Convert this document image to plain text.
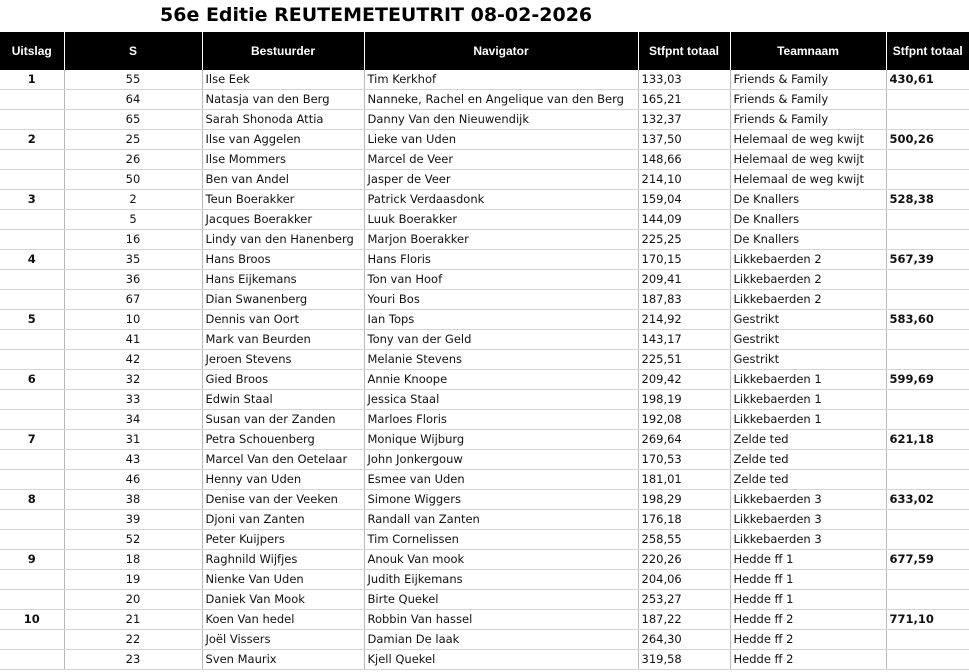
56e Editie REUTEMETEUTRIT 08-02-2026
Uitslag	S	Bestuurder	Navigator	Stfpnt totaal	Teamnaam	Stfpnt totaal
1	55	Ilse Eek	Tim Kerkhof	133,03	Friends & Family	430,61
	64	Natasja van den Berg	Nanneke, Rachel en Angelique van den Berg	165,21	Friends & Family	
	65	Sarah Shonoda Attia	Danny Van den Nieuwendijk	132,37	Friends & Family	
2	25	Ilse van Aggelen	Lieke van Uden	137,50	Helemaal de weg kwijt	500,26
	26	Ilse Mommers	Marcel de Veer	148,66	Helemaal de weg kwijt	
	50	Ben van Andel	Jasper de Veer	214,10	Helemaal de weg kwijt	
3	2	Teun Boerakker	Patrick Verdaasdonk	159,04	De Knallers	528,38
	5	Jacques Boerakker	Luuk Boerakker	144,09	De Knallers	
	16	Lindy van den Hanenberg	Marjon Boerakker	225,25	De Knallers	
4	35	Hans Broos	Hans Floris	170,15	Likkebaerden 2	567,39
	36	Hans Eijkemans	Ton van Hoof	209,41	Likkebaerden 2	
	67	Dian Swanenberg	Youri Bos	187,83	Likkebaerden 2	
5	10	Dennis van Oort	Ian Tops	214,92	Gestrikt	583,60
	41	Mark van Beurden	Tony van der Geld	143,17	Gestrikt	
	42	Jeroen Stevens	Melanie Stevens	225,51	Gestrikt	
6	32	Gied Broos	Annie Knoope	209,42	Likkebaerden 1	599,69
	33	Edwin Staal	Jessica Staal	198,19	Likkebaerden 1	
	34	Susan van der Zanden	Marloes Floris	192,08	Likkebaerden 1	
7	31	Petra Schouenberg	Monique Wijburg	269,64	Zelde ted	621,18
	43	Marcel Van den Oetelaar	John Jonkergouw	170,53	Zelde ted	
	46	Henny van Uden	Esmee van Uden	181,01	Zelde ted	
8	38	Denise van der Veeken	Simone Wiggers	198,29	Likkebaerden 3	633,02
	39	Djoni van Zanten	Randall van Zanten	176,18	Likkebaerden 3	
	52	Peter Kuijpers	Tim Cornelissen	258,55	Likkebaerden 3	
9	18	Raghnild Wijfjes	Anouk Van mook	220,26	Hedde ff 1	677,59
	19	Nienke Van Uden	Judith Eijkemans	204,06	Hedde ff 1	
	20	Daniek Van Mook	Birte Quekel	253,27	Hedde ff 1	
10	21	Koen Van hedel	Robbin Van hassel	187,22	Hedde ff 2	771,10
	22	Joël Vissers	Damian De laak	264,30	Hedde ff 2	
	23	Sven Maurix	Kjell Quekel	319,58	Hedde ff 2	
